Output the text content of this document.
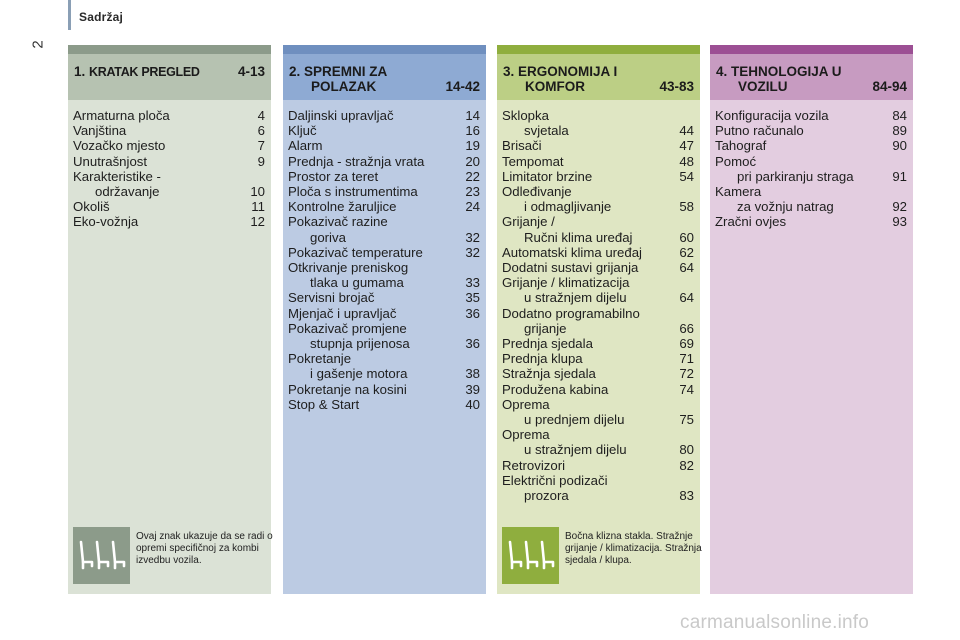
Sadržaj
2
1. KRATAK PREGLED	4-13
Armaturna ploča	4
Vanjština	6
Vozačko mjesto	7
Unutrašnjost	9
Karakteristike -
održavanje	10
Okoliš	11
Eko-vožnja	12
Ovaj znak ukazuje da se radi o opremi specifičnoj za kombi izvedbu vozila.
2. SPREMNI ZA
POLAZAK	14-42
Daljinski upravljač	14
Ključ	16
Alarm	19
Prednja - stražnja vrata	20
Prostor za teret	22
Ploča s instrumentima	23
Kontrolne žaruljice	24
Pokazivač razine
goriva	32
Pokazivač temperature	32
Otkrivanje preniskog
tlaka u gumama	33
Servisni brojač	35
Mjenjač i upravljač	36
Pokazivač promjene
stupnja prijenosa	36
Pokretanje
i gašenje motora	38
Pokretanje na kosini	39
Stop & Start	40
3. ERGONOMIJA I
KOMFOR	43-83
Sklopka
svjetala	44
Brisači	47
Tempomat	48
Limitator brzine	54
Odleđivanje
i odmagljivanje	58
Grijanje /
Ručni klima uređaj	60
Automatski klima uređaj	62
Dodatni sustavi grijanja	64
Grijanje / klimatizacija
u stražnjem dijelu	64
Dodatno programabilno
grijanje	66
Prednja sjedala	69
Prednja klupa	71
Stražnja sjedala	72
Produžena kabina	74
Oprema
u prednjem dijelu	75
Oprema
u stražnjem dijelu	80
Retrovizori	82
Električni podizači
prozora	83
Bočna klizna stakla. Stražnje grijanje / klimatizacija. Stražnja sjedala / klupa.
4. TEHNOLOGIJA U
VOZILU	84-94
Konfiguracija vozila	84
Putno računalo	89
Tahograf	90
Pomoć
pri parkiranju straga	91
Kamera
za vožnju natrag	92
Zračni ovjes	93
carmanualsonline.info
